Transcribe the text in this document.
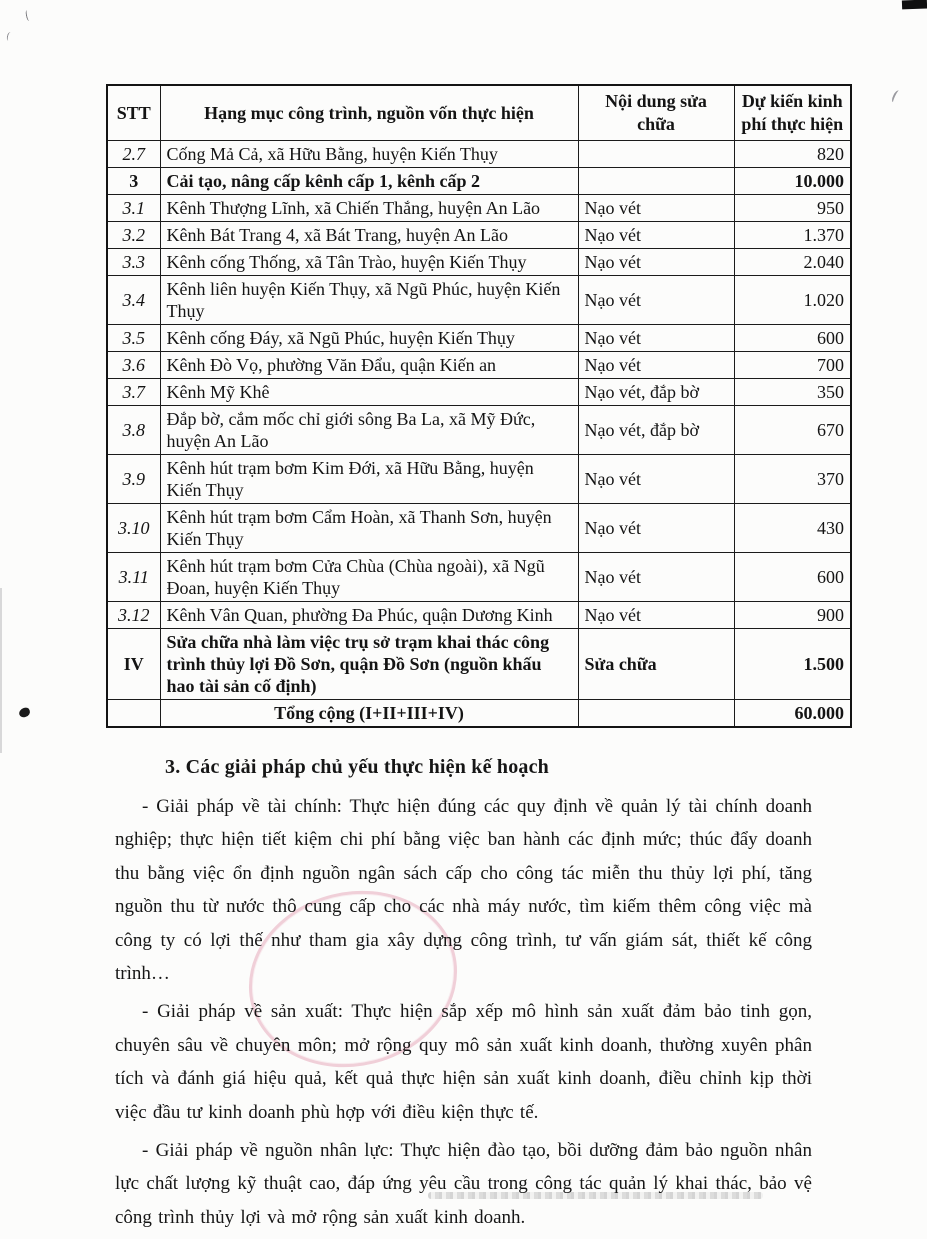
STT	Hạng mục công trình, nguồn vốn thực hiện	Nội dung sửa chữa	Dự kiến kinh phí thực hiện
2.7	Cống Mả Cả, xã Hữu Bằng, huyện Kiến Thụy		820
3	Cải tạo, nâng cấp kênh cấp 1, kênh cấp 2		10.000
3.1	Kênh Thượng Lĩnh, xã Chiến Thắng, huyện An Lão	Nạo vét	950
3.2	Kênh Bát Trang 4, xã Bát Trang, huyện An Lão	Nạo vét	1.370
3.3	Kênh cống Thống, xã Tân Trào, huyện Kiến Thụy	Nạo vét	2.040
3.4	Kênh liên huyện Kiến Thụy, xã Ngũ Phúc, huyện Kiến Thụy	Nạo vét	1.020
3.5	Kênh cống Đáy, xã Ngũ Phúc, huyện Kiến Thụy	Nạo vét	600
3.6	Kênh Đò Vọ, phường Văn Đẩu, quận Kiến an	Nạo vét	700
3.7	Kênh Mỹ Khê	Nạo vét, đắp bờ	350
3.8	Đắp bờ, cắm mốc chỉ giới sông Ba La, xã Mỹ Đức, huyện An Lão	Nạo vét, đắp bờ	670
3.9	Kênh hút trạm bơm Kim Đới, xã Hữu Bằng, huyện Kiến Thụy	Nạo vét	370
3.10	Kênh hút trạm bơm Cẩm Hoàn, xã Thanh Sơn, huyện Kiến Thụy	Nạo vét	430
3.11	Kênh hút trạm bơm Cửa Chùa (Chùa ngoài), xã Ngũ Đoan, huyện Kiến Thụy	Nạo vét	600
3.12	Kênh Vân Quan, phường Đa Phúc, quận Dương Kinh	Nạo vét	900
IV	Sửa chữa nhà làm việc trụ sở trạm khai thác công trình thủy lợi Đồ Sơn, quận Đồ Sơn (nguồn khấu hao tài sản cố định)	Sửa chữa	1.500
	Tổng cộng (I+II+III+IV)		60.000
3. Các giải pháp chủ yếu thực hiện kế hoạch

- Giải pháp về tài chính: Thực hiện đúng các quy định về quản lý tài chính doanh nghiệp; thực hiện tiết kiệm chi phí bằng việc ban hành các định mức; thúc đẩy doanh thu bằng việc ổn định nguồn ngân sách cấp cho công tác miễn thu thủy lợi phí, tăng nguồn thu từ nước thô cung cấp cho các nhà máy nước, tìm kiếm thêm công việc mà công ty có lợi thế như tham gia xây dựng công trình, tư vấn giám sát, thiết kế công trình…

- Giải pháp về sản xuất: Thực hiện sắp xếp mô hình sản xuất đảm bảo tinh gọn, chuyên sâu về chuyên môn; mở rộng quy mô sản xuất kinh doanh, thường xuyên phân tích và đánh giá hiệu quả, kết quả thực hiện sản xuất kinh doanh, điều chỉnh kịp thời việc đầu tư kinh doanh phù hợp với điều kiện thực tế.

- Giải pháp về nguồn nhân lực: Thực hiện đào tạo, bồi dưỡng đảm bảo nguồn nhân lực chất lượng kỹ thuật cao, đáp ứng yêu cầu trong công tác quản lý khai thác, bảo vệ công trình thủy lợi và mở rộng sản xuất kinh doanh.
